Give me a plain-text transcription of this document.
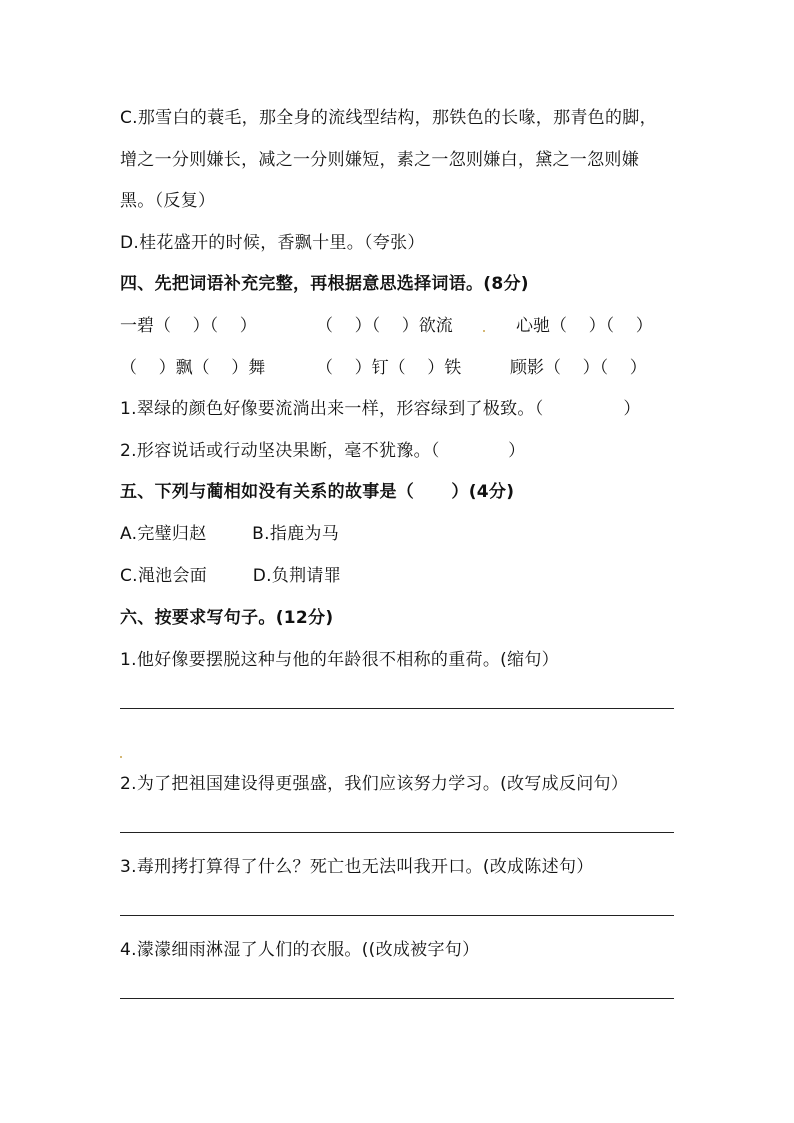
C.那雪白的蓑毛，那全身的流线型结构，那铁色的长喙，那青色的脚，
增之一分则嫌长，减之一分则嫌短，素之一忽则嫌白，黛之一忽则嫌
黑。（反复）
D.桂花盛开的时候，香飘十里。（夸张）
四、先把词语补充完整，再根据意思选择词语。(8分)
一碧（    ）（    ）	（    ）（    ）欲流	心驰（    ）（    ）
（    ）飘（    ）舞	（    ）钉（    ）铁	顾影（    ）（    ）
1.翠绿的颜色好像要流淌出来一样，形容绿到了极致。（              ）
2.形容说话或行动坚决果断，毫不犹豫。（            ）
五、下列与蔺相如没有关系的故事是（      ）(4分)
A.完璧归赵        B.指鹿为马
C.渑池会面        D.负荆请罪
六、按要求写句子。(12分)
1.他好像要摆脱这种与他的年龄很不相称的重荷。(缩句）
2.为了把祖国建设得更强盛，我们应该努力学习。(改写成反问句）
3.毒刑拷打算得了什么？死亡也无法叫我开口。(改成陈述句）
4.濛濛细雨淋湿了人们的衣服。((改成被字句）
